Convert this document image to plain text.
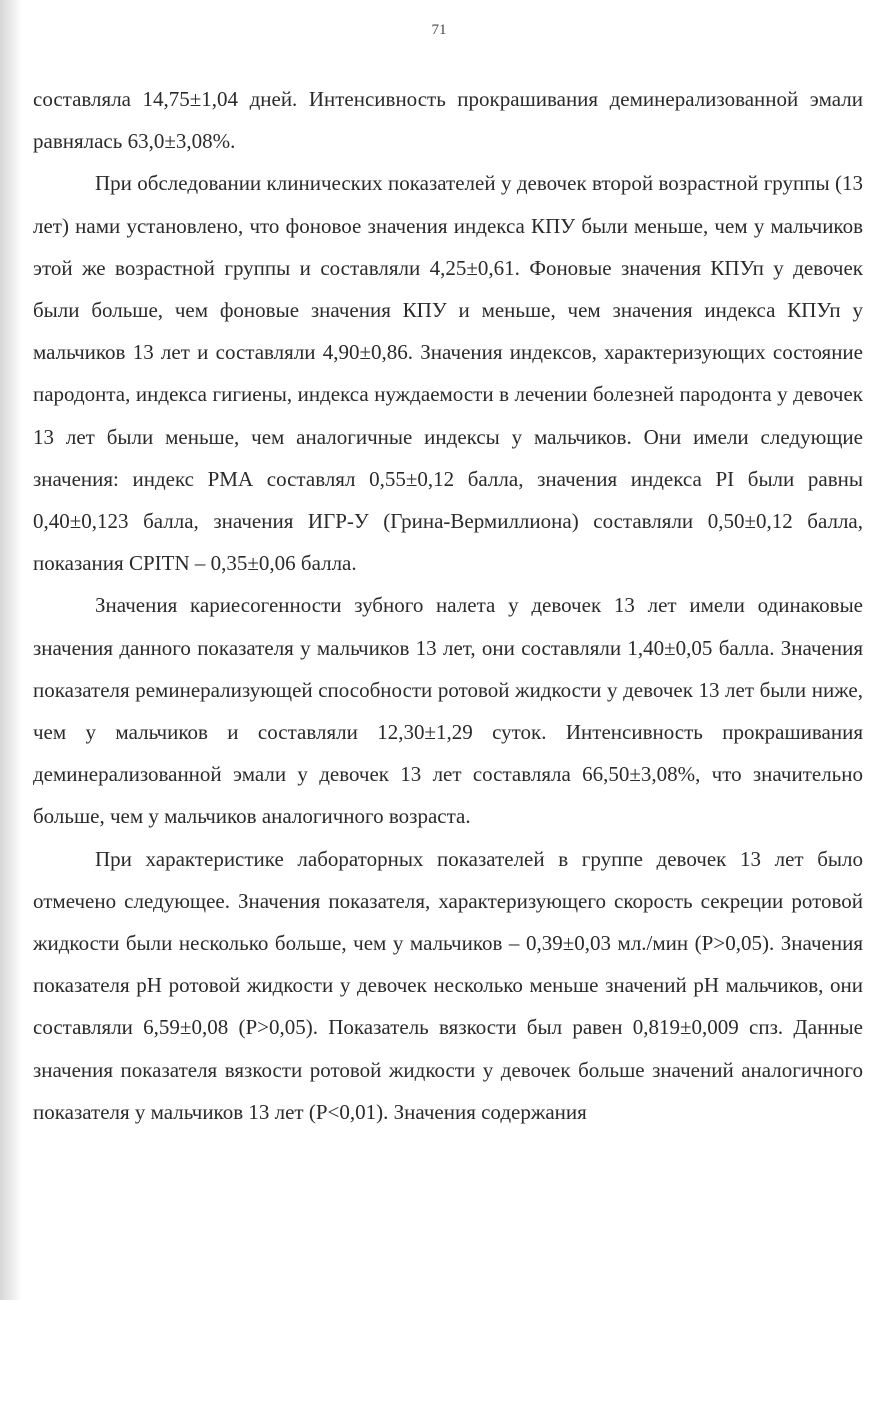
71

составляла 14,75±1,04 дней. Интенсивность прокрашивания деминерализованной эмали равнялась 63,0±3,08%.

При обследовании клинических показателей у девочек второй возрастной группы (13 лет) нами установлено, что фоновое значения индекса КПУ были меньше, чем у мальчиков этой же возрастной группы и составляли 4,25±0,61. Фоновые значения КПУп у девочек были больше, чем фоновые значения КПУ и меньше, чем значения индекса КПУп у мальчиков 13 лет и составляли 4,90±0,86. Значения индексов, характеризующих состояние пародонта, индекса гигиены, индекса нуждаемости в лечении болезней пародонта у девочек 13 лет были меньше, чем аналогичные индексы у мальчиков. Они имели следующие значения: индекс РМА составлял 0,55±0,12 балла, значения индекса PI были равны 0,40±0,123 балла, значения ИГР-У (Грина-Вермиллиона) составляли 0,50±0,12 балла, показания CPITN – 0,35±0,06 балла.

Значения кариесогенности зубного налета у девочек 13 лет имели одинаковые значения данного показателя у мальчиков 13 лет, они составляли 1,40±0,05 балла. Значения показателя реминерализующей способности ротовой жидкости у девочек 13 лет были ниже, чем у мальчиков и составляли 12,30±1,29 суток. Интенсивность прокрашивания деминерализованной эмали у девочек 13 лет составляла 66,50±3,08%, что значительно больше, чем у мальчиков аналогичного возраста.

При характеристике лабораторных показателей в группе девочек 13 лет было отмечено следующее. Значения показателя, характеризующего скорость секреции ротовой жидкости были несколько больше, чем у мальчиков – 0,39±0,03 мл./мин (P>0,05). Значения показателя pH ротовой жидкости у девочек несколько меньше значений pH мальчиков, они составляли 6,59±0,08 (P>0,05). Показатель вязкости был равен 0,819±0,009 спз. Данные значения показателя вязкости ротовой жидкости у девочек больше значений аналогичного показателя у мальчиков 13 лет (P<0,01). Значения содержания
